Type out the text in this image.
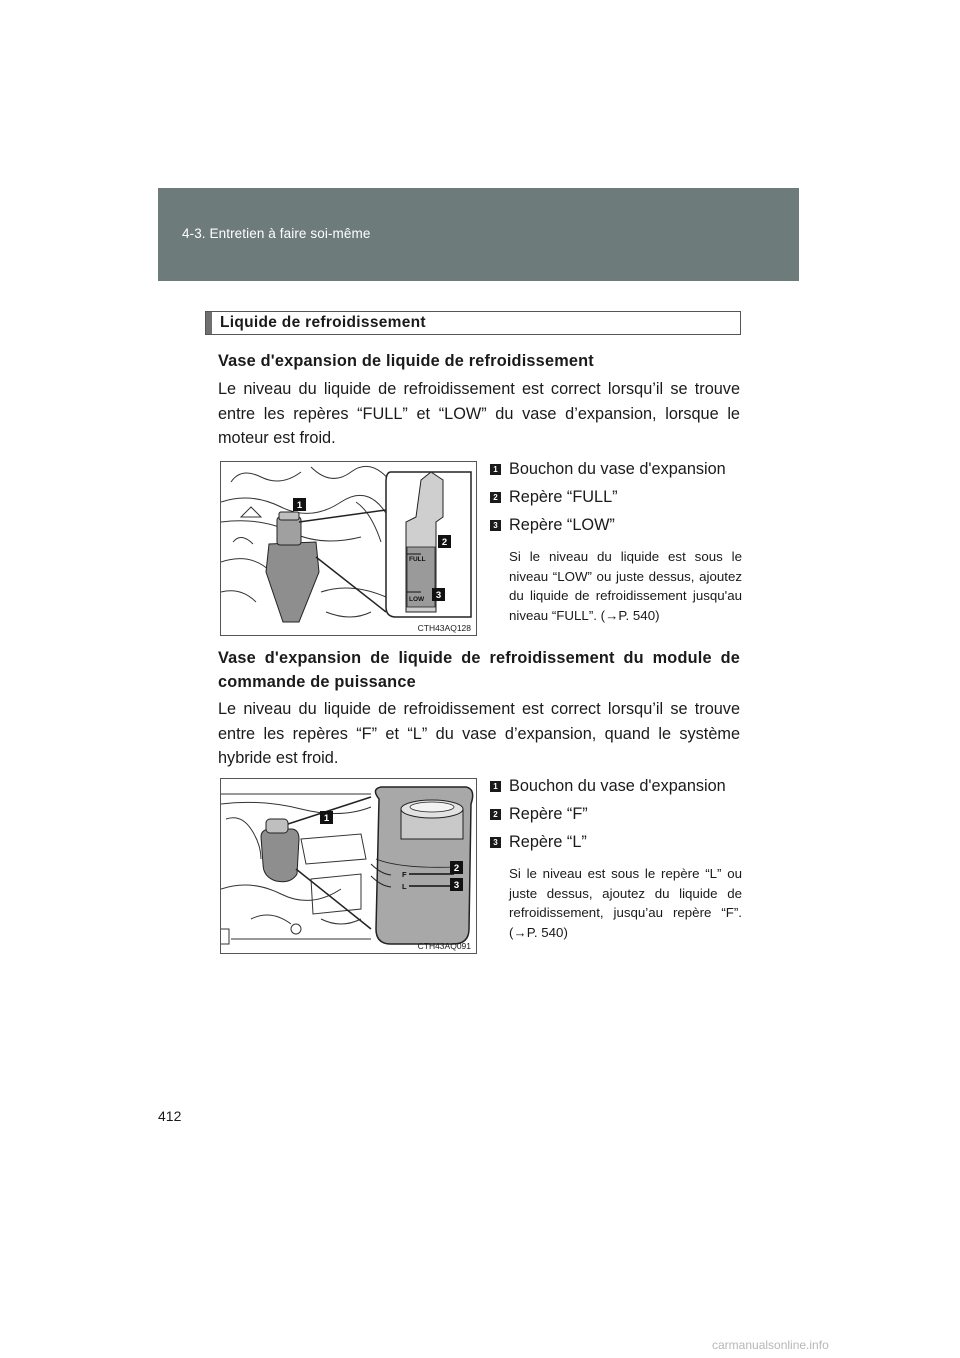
4-3. Entretien à faire soi-même
Liquide de refroidissement
Vase d'expansion de liquide de refroidissement
Le niveau du liquide de refroidissement est correct lorsqu’il se trouve entre les repères “FULL” et “LOW” du vase d’expansion, lorsque le moteur est froid.
FULL
LOW
1
2
3
CTH43AQ128
1 Bouchon du vase d'expansion
2 Repère “FULL”
3 Repère “LOW”
Si le niveau du liquide est sous le niveau “LOW” ou juste dessus, ajoutez du liquide de refroidissement jusqu'au niveau “FULL”. (→P. 540)
Vase d'expansion de liquide de refroidissement du module de
commande de puissance
Le niveau du liquide de refroidissement est correct lorsqu’il se trouve entre les repères “F” et “L” du vase d’expansion, quand le système hybride est froid.
F
L
1
2
3
CTH43AQ091
1 Bouchon du vase d'expansion
2 Repère “F”
3 Repère “L”
Si le niveau est sous le repère “L” ou juste dessus, ajoutez du liquide de refroidissement, jusqu’au repère “F”. (→P. 540)
412
carmanualsonline.info
